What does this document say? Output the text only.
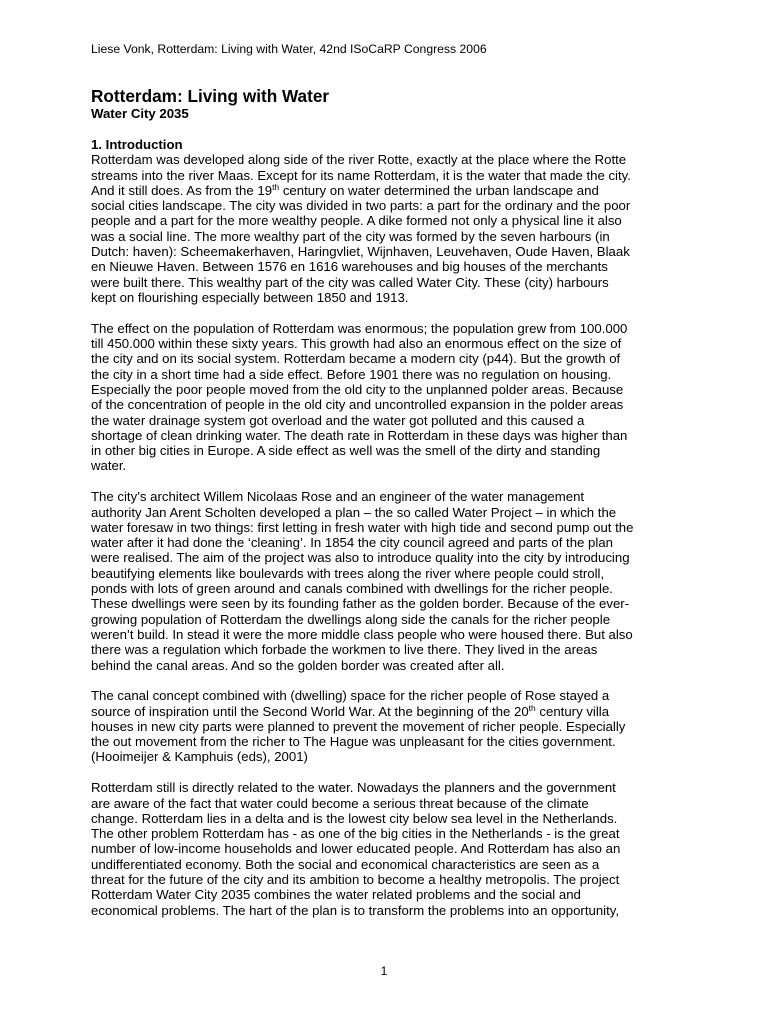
Liese Vonk, Rotterdam: Living with Water, 42nd ISoCaRP Congress 2006
Rotterdam: Living with Water
Water City 2035
1. Introduction

Rotterdam was developed along side of the river Rotte, exactly at the place where the Rotte
streams into the river Maas. Except for its name Rotterdam, it is the water that made the city.
And it still does. As from the 19th century on water determined the urban landscape and
social cities landscape. The city was divided in two parts: a part for the ordinary and the poor
people and a part for the more wealthy people. A dike formed not only a physical line it also
was a social line. The more wealthy part of the city was formed by the seven harbours (in
Dutch: haven): Scheemakerhaven, Haringvliet, Wijnhaven, Leuvehaven, Oude Haven, Blaak
en Nieuwe Haven. Between 1576 en 1616 warehouses and big houses of the merchants
were built there. This wealthy part of the city was called Water City. These (city) harbours
kept on flourishing especially between 1850 and 1913.

The effect on the population of Rotterdam was enormous; the population grew from 100.000
till 450.000 within these sixty years. This growth had also an enormous effect on the size of
the city and on its social system. Rotterdam became a modern city (p44). But the growth of
the city in a short time had a side effect. Before 1901 there was no regulation on housing.
Especially the poor people moved from the old city to the unplanned polder areas. Because
of the concentration of people in the old city and uncontrolled expansion in the polder areas
the water drainage system got overload and the water got polluted and this caused a
shortage of clean drinking water. The death rate in Rotterdam in these days was higher than
in other big cities in Europe. A side effect as well was the smell of the dirty and standing
water.

The city’s architect Willem Nicolaas Rose and an engineer of the water management
authority Jan Arent Scholten developed a plan – the so called Water Project – in which the
water foresaw in two things: first letting in fresh water with high tide and second pump out the
water after it had done the ‘cleaning’. In 1854 the city council agreed and parts of the plan
were realised. The aim of the project was also to introduce quality into the city by introducing
beautifying elements like boulevards with trees along the river where people could stroll,
ponds with lots of green around and canals combined with dwellings for the richer people.
These dwellings were seen by its founding father as the golden border. Because of the ever-
growing population of Rotterdam the dwellings along side the canals for the richer people
weren’t build. In stead it were the more middle class people who were housed there. But also
there was a regulation which forbade the workmen to live there. They lived in the areas
behind the canal areas. And so the golden border was created after all.

The canal concept combined with (dwelling) space for the richer people of Rose stayed a
source of inspiration until the Second World War. At the beginning of the 20th century villa
houses in new city parts were planned to prevent the movement of richer people. Especially
the out movement from the richer to The Hague was unpleasant for the cities government.
(Hooimeijer & Kamphuis (eds), 2001)

Rotterdam still is directly related to the water. Nowadays the planners and the government
are aware of the fact that water could become a serious threat because of the climate
change. Rotterdam lies in a delta and is the lowest city below sea level in the Netherlands.
The other problem Rotterdam has - as one of the big cities in the Netherlands - is the great
number of low-income households and lower educated people. And Rotterdam has also an
undifferentiated economy. Both the social and economical characteristics are seen as a
threat for the future of the city and its ambition to become a healthy metropolis. The project
Rotterdam Water City 2035 combines the water related problems and the social and
economical problems. The hart of the plan is to transform the problems into an opportunity,

1
